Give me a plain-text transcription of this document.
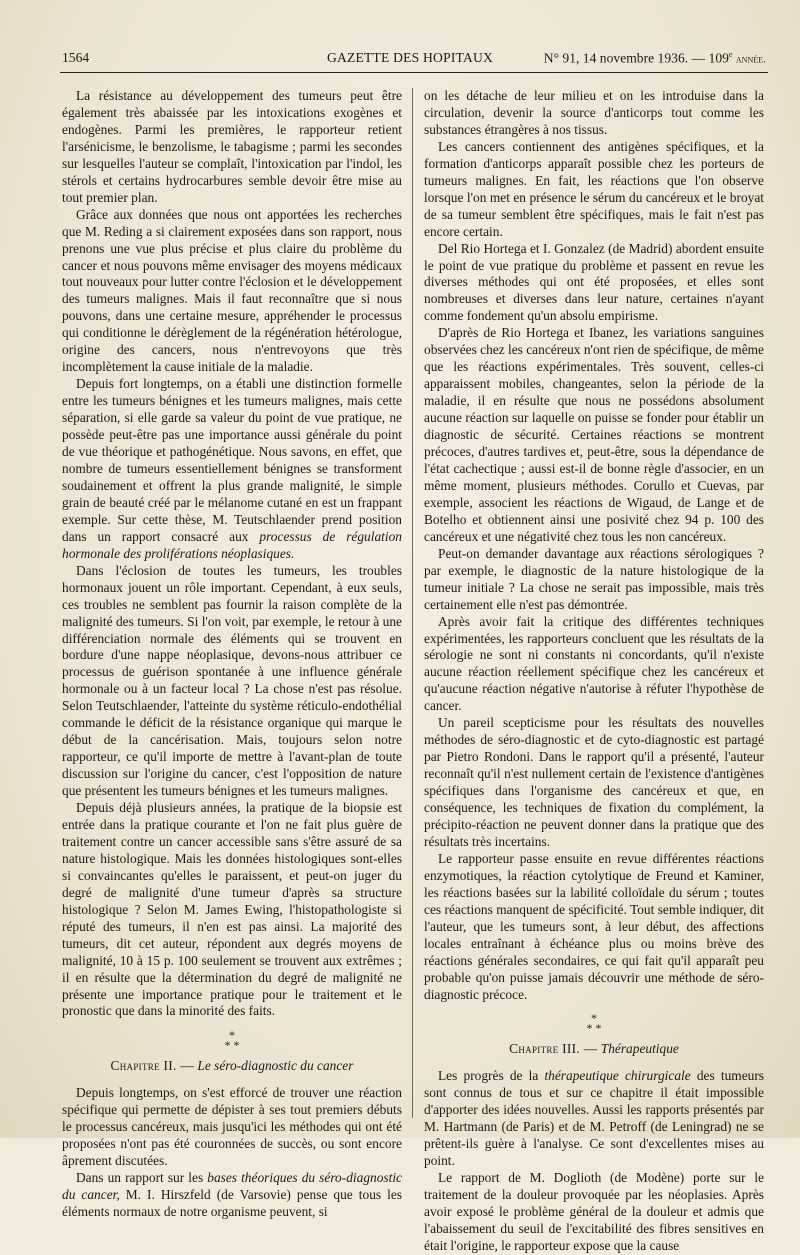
1564	GAZETTE DES HOPITAUX	N° 91, 14 novembre 1936. — 109e année.

La résistance au développement des tumeurs peut être également très abaissée par les intoxications exogènes et endogènes. Parmi les premières, le rapporteur retient l'arsénicisme, le benzolisme, le tabagisme ; parmi les secondes sur lesquelles l'auteur se complaît, l'intoxication par l'indol, les stérols et certains hydrocarbures semble devoir être mise au tout premier plan.

Grâce aux données que nous ont apportées les recherches que M. Reding a si clairement exposées dans son rapport, nous prenons une vue plus précise et plus claire du problème du cancer et nous pouvons même envisager des moyens médicaux tout nouveaux pour lutter contre l'éclosion et le développement des tumeurs malignes. Mais il faut reconnaître que si nous pouvons, dans une certaine mesure, appréhender le processus qui conditionne le dérèglement de la régénération hétérologue, origine des cancers, nous n'entrevoyons que très incomplètement la cause initiale de la maladie.

Depuis fort longtemps, on a établi une distinction formelle entre les tumeurs bénignes et les tumeurs malignes, mais cette séparation, si elle garde sa valeur du point de vue pratique, ne possède peut-être pas une importance aussi générale du point de vue théorique et pathogénétique. Nous savons, en effet, que nombre de tumeurs essentiellement bénignes se transforment soudainement et offrent la plus grande malignité, le simple grain de beauté créé par le mélanome cutané en est un frappant exemple. Sur cette thèse, M. Teutschlaender prend position dans un rapport consacré aux processus de régulation hormonale des proliférations néoplasiques.

Dans l'éclosion de toutes les tumeurs, les troubles hormonaux jouent un rôle important. Cependant, à eux seuls, ces troubles ne semblent pas fournir la raison complète de la malignité des tumeurs. Si l'on voit, par exemple, le retour à une différenciation normale des éléments qui se trouvent en bordure d'une nappe néoplasique, devons-nous attribuer ce processus de guérison spontanée à une influence générale hormonale ou à un facteur local ? La chose n'est pas résolue. Selon Teutschlaender, l'atteinte du système réticulo-endothélial commande le déficit de la résistance organique qui marque le début de la cancérisation. Mais, toujours selon notre rapporteur, ce qu'il importe de mettre à l'avant-plan de toute discussion sur l'origine du cancer, c'est l'opposition de nature que présentent les tumeurs bénignes et les tumeurs malignes.

Depuis déjà plusieurs années, la pratique de la biopsie est entrée dans la pratique courante et l'on ne fait plus guère de traitement contre un cancer accessible sans s'être assuré de sa nature histologique. Mais les données histologiques sont-elles si convaincantes qu'elles le paraissent, et peut-on juger du degré de malignité d'une tumeur d'après sa structure histologique ? Selon M. James Ewing, l'histopathologiste si réputé des tumeurs, il n'en est pas ainsi. La majorité des tumeurs, dit cet auteur, répondent aux degrés moyens de malignité, 10 à 15 p. 100 seulement se trouvent aux extrêmes ; il en résulte que la détermination du degré de malignité ne présente une importance pratique pour le traitement et le pronostic que dans la minorité des faits.

*
* *
Chapitre II. — Le séro-diagnostic du cancer

Depuis longtemps, on s'est efforcé de trouver une réaction spécifique qui permette de dépister à ses tout premiers débuts le processus cancéreux, mais jusqu'ici les méthodes qui ont été proposées n'ont pas été couronnées de succès, ou sont encore âprement discutées.

Dans un rapport sur les bases théoriques du séro-diagnostic du cancer, M. I. Hirszfeld (de Varsovie) pense que tous les éléments normaux de notre organisme peuvent, si

on les détache de leur milieu et on les introduise dans la circulation, devenir la source d'anticorps tout comme les substances étrangères à nos tissus.

Les cancers contiennent des antigènes spécifiques, et la formation d'anticorps apparaît possible chez les porteurs de tumeurs malignes. En fait, les réactions que l'on observe lorsque l'on met en présence le sérum du cancéreux et le broyat de sa tumeur semblent être spécifiques, mais le fait n'est pas encore certain.

Del Rio Hortega et I. Gonzalez (de Madrid) abordent ensuite le point de vue pratique du problème et passent en revue les diverses méthodes qui ont été proposées, et elles sont nombreuses et diverses dans leur nature, certaines n'ayant comme fondement qu'un absolu empirisme.

D'après de Rio Hortega et Ibanez, les variations sanguines observées chez les cancéreux n'ont rien de spécifique, de même que les réactions expérimentales. Très souvent, celles-ci apparaissent mobiles, changeantes, selon la période de la maladie, il en résulte que nous ne possédons absolument aucune réaction sur laquelle on puisse se fonder pour établir un diagnostic de sécurité. Certaines réactions se montrent précoces, d'autres tardives et, peut-être, sous la dépendance de l'état cachectique ; aussi est-il de bonne règle d'associer, en un même moment, plusieurs méthodes. Corullo et Cuevas, par exemple, associent les réactions de Wigaud, de Lange et de Botelho et obtiennent ainsi une posivité chez 94 p. 100 des cancéreux et une négativité chez tous les non cancéreux.

Peut-on demander davantage aux réactions sérologiques ? par exemple, le diagnostic de la nature histologique de la tumeur initiale ? La chose ne serait pas impossible, mais très certainement elle n'est pas démontrée.

Après avoir fait la critique des différentes techniques expérimentées, les rapporteurs concluent que les résultats de la sérologie ne sont ni constants ni concordants, qu'il n'existe aucune réaction réellement spécifique chez les cancéreux et qu'aucune réaction négative n'autorise à réfuter l'hypothèse de cancer.

Un pareil scepticisme pour les résultats des nouvelles méthodes de séro-diagnostic et de cyto-diagnostic est partagé par Pietro Rondoni. Dans le rapport qu'il a présenté, l'auteur reconnaît qu'il n'est nullement certain de l'existence d'antigènes spécifiques dans l'organisme des cancéreux et que, en conséquence, les techniques de fixation du complément, la précipito-réaction ne peuvent donner dans la pratique que des résultats très incertains.

Le rapporteur passe ensuite en revue différentes réactions enzymotiques, la réaction cytolytique de Freund et Kaminer, les réactions basées sur la labilité colloïdale du sérum ; toutes ces réactions manquent de spécificité. Tout semble indiquer, dit l'auteur, que les tumeurs sont, à leur début, des affections locales entraînant à échéance plus ou moins brève des réactions générales secondaires, ce qui fait qu'il apparaît peu probable qu'on puisse jamais découvrir une méthode de séro-diagnostic précoce.

*
* *
Chapitre III. — Thérapeutique

Les progrès de la thérapeutique chirurgicale des tumeurs sont connus de tous et sur ce chapitre il était impossible d'apporter des idées nouvelles. Aussi les rapports présentés par M. Hartmann (de Paris) et de M. Petroff (de Leningrad) ne se prêtent-ils guère à l'analyse. Ce sont d'excellentes mises au point.

Le rapport de M. Doglioth (de Modène) porte sur le traitement de la douleur provoquée par les néoplasies. Après avoir exposé le problème général de la douleur et admis que l'abaissement du seuil de l'excitabilité des fibres sensitives en était l'origine, le rapporteur expose que la cause
